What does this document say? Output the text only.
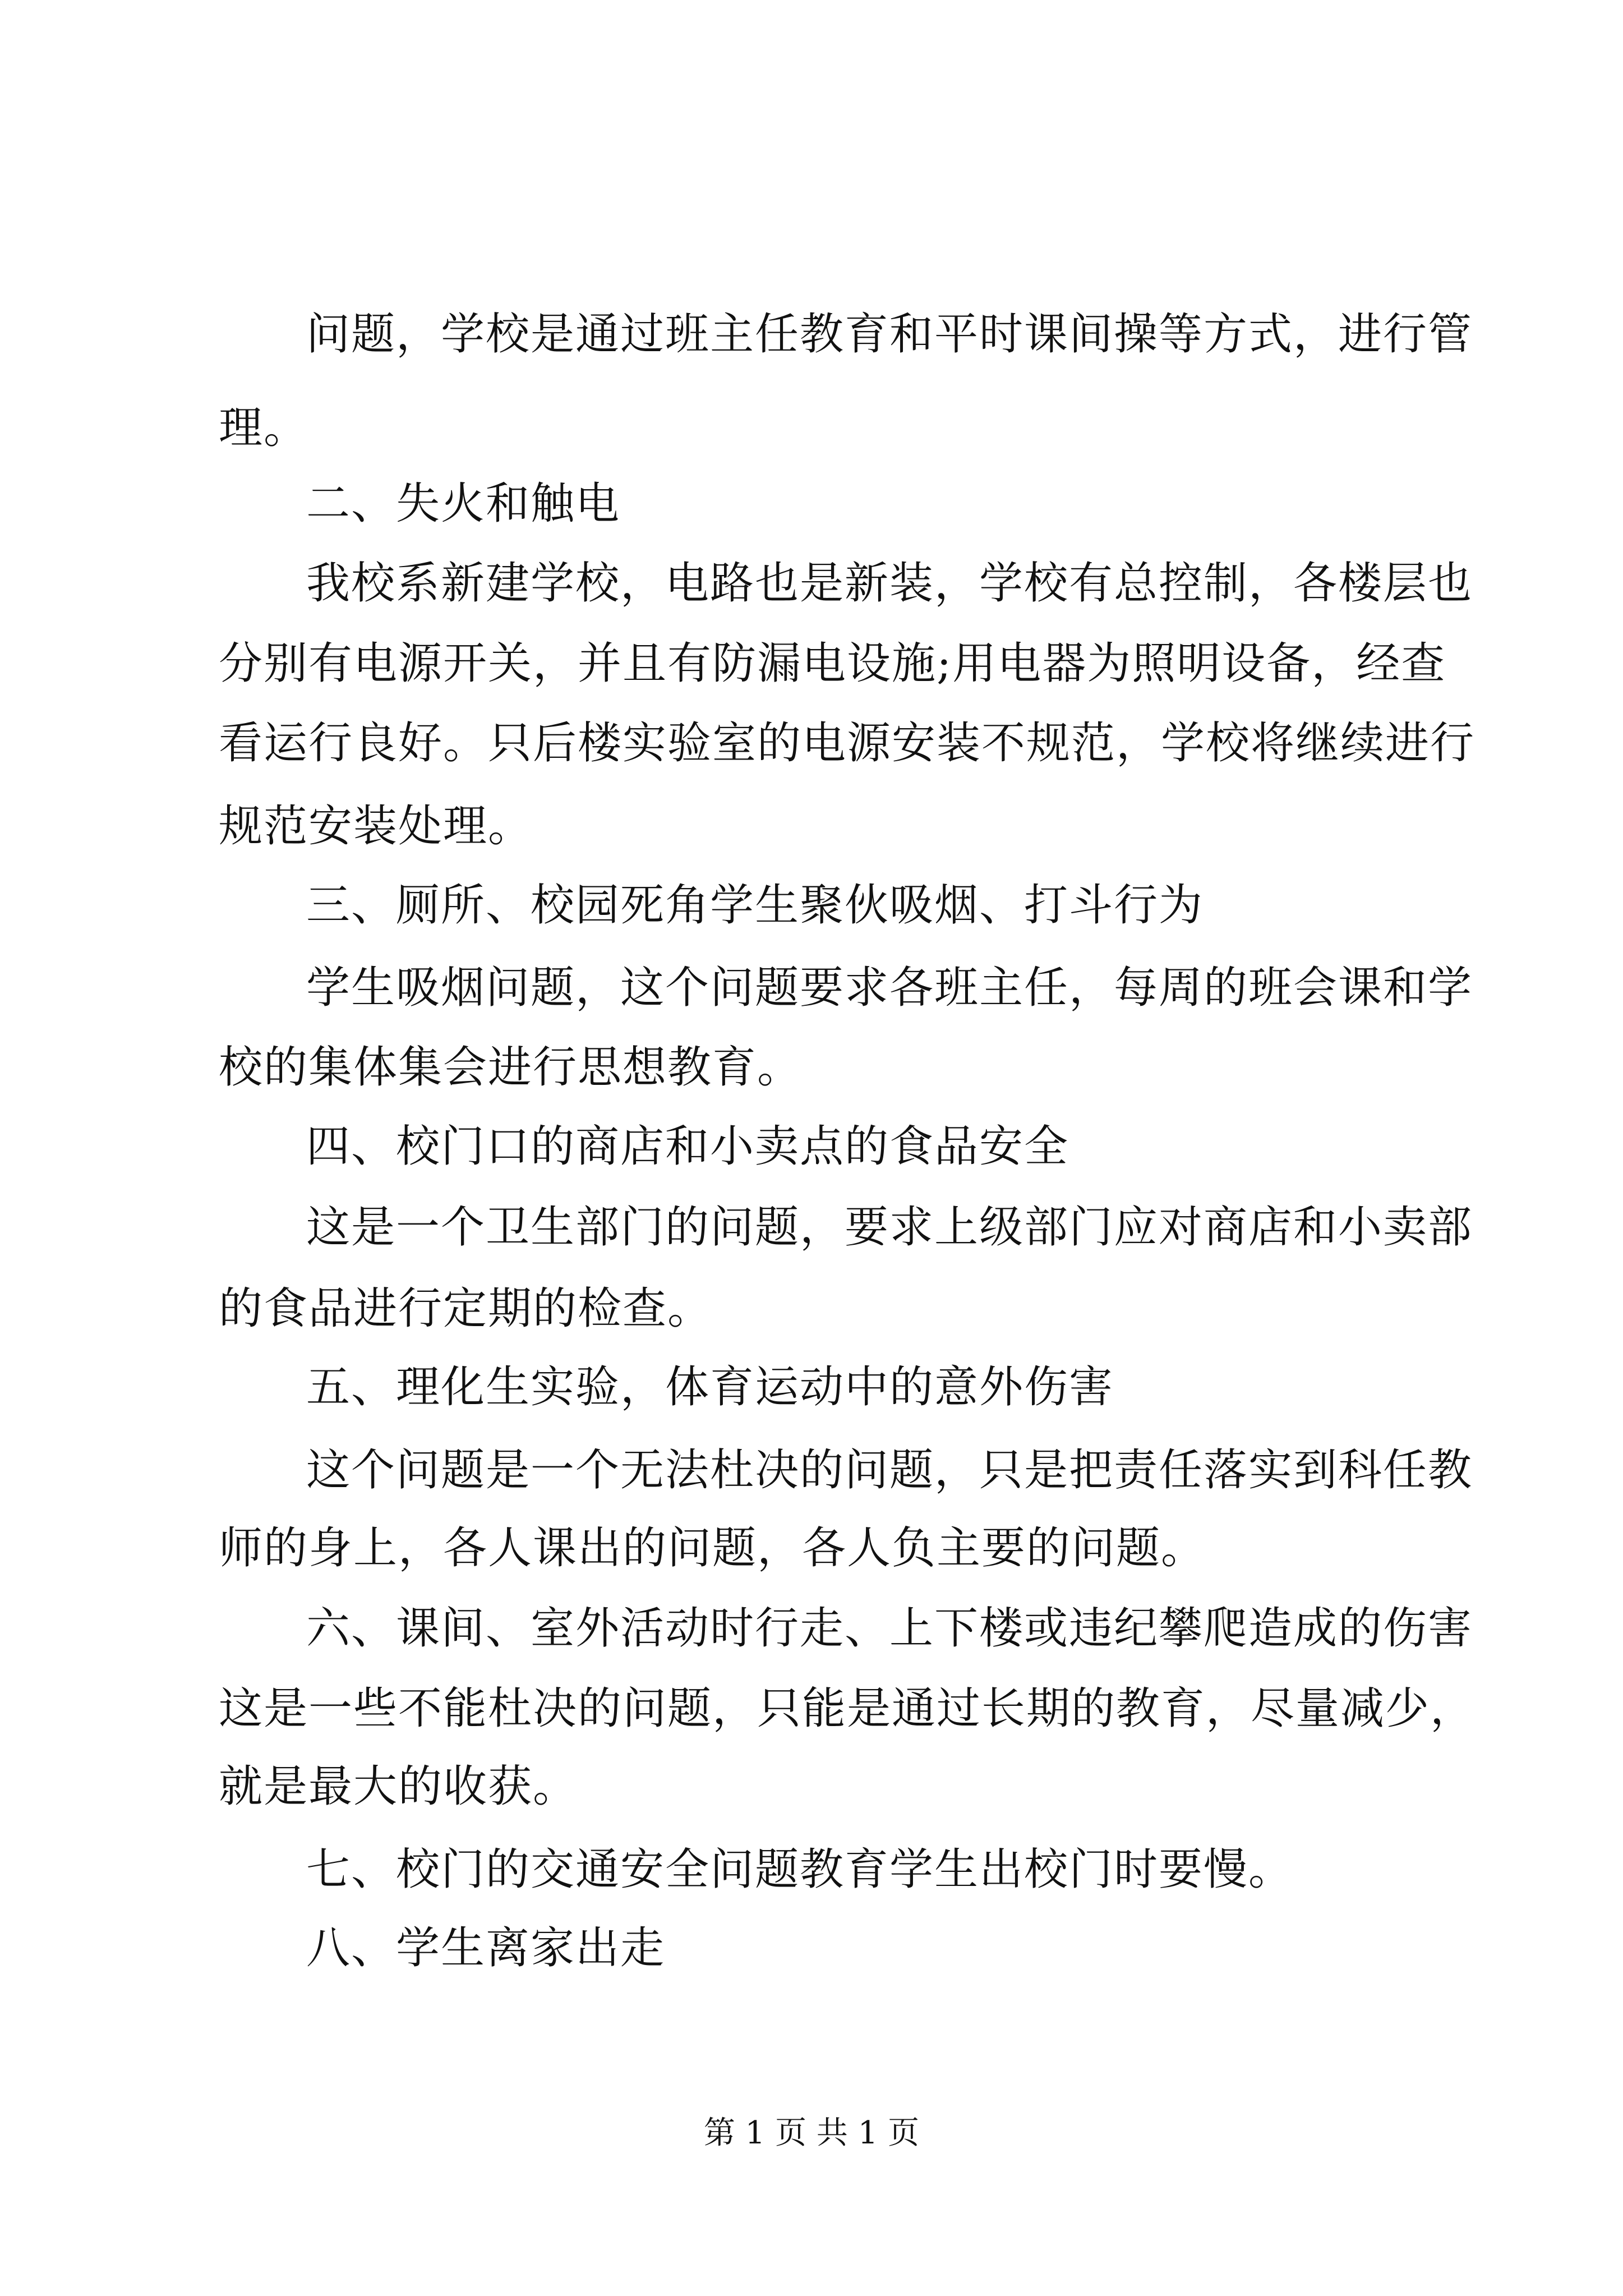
问题，学校是通过班主任教育和平时课间操等方式，进行管
理。
二、失火和触电
我校系新建学校，电路也是新装，学校有总控制，各楼层也
分别有电源开关，并且有防漏电设施;用电器为照明设备，经查
看运行良好。只后楼实验室的电源安装不规范，学校将继续进行
规范安装处理。
三、厕所、校园死角学生聚伙吸烟、打斗行为
学生吸烟问题，这个问题要求各班主任，每周的班会课和学
校的集体集会进行思想教育。
四、校门口的商店和小卖点的食品安全
这是一个卫生部门的问题，要求上级部门应对商店和小卖部
的食品进行定期的检查。
五、理化生实验，体育运动中的意外伤害
这个问题是一个无法杜决的问题，只是把责任落实到科任教
师的身上，各人课出的问题，各人负主要的问题。
六、课间、室外活动时行走、上下楼或违纪攀爬造成的伤害
这是一些不能杜决的问题，只能是通过长期的教育，尽量减少，
就是最大的收获。
七、校门的交通安全问题教育学生出校门时要慢。
八、学生离家出走
第 1 页 共 1 页
